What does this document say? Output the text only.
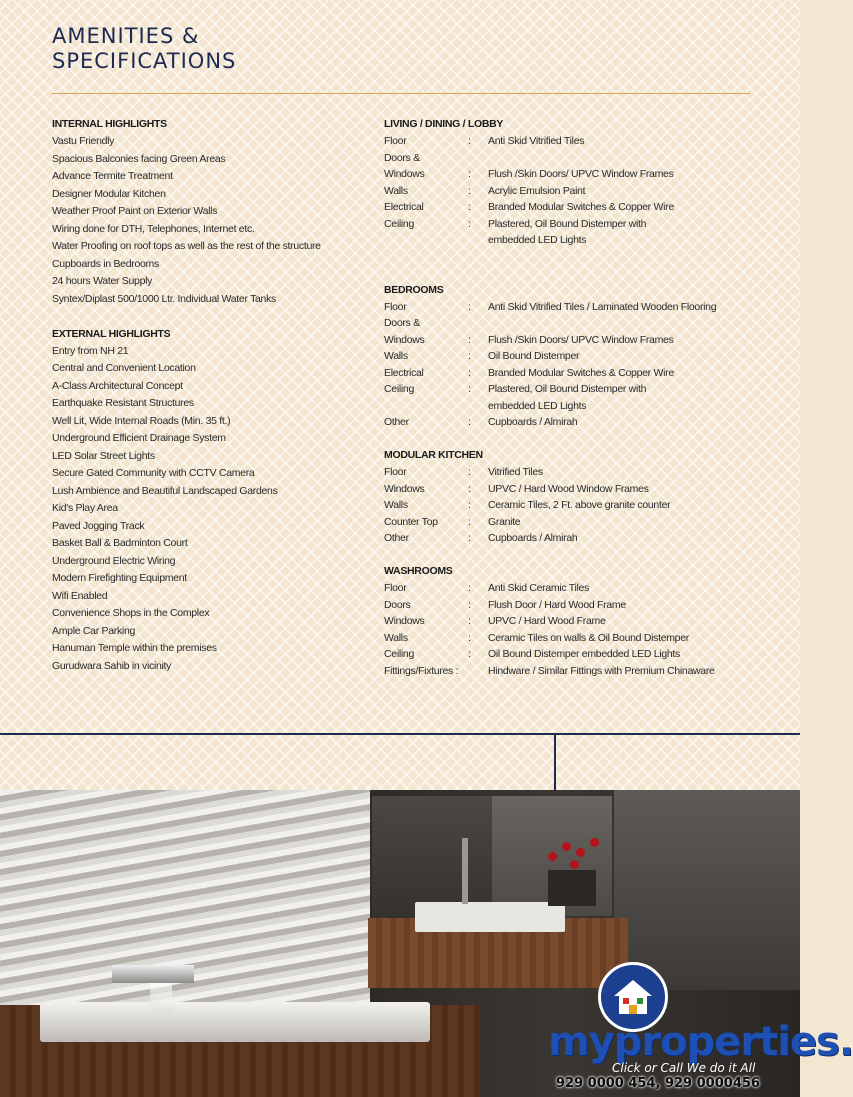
AMENITIES &
SPECIFICATIONS
INTERNAL HIGHLIGHTS
Vastu Friendly
Spacious Balconies facing Green Areas
Advance Termite Treatment
Designer Modular Kitchen
Weather Proof Paint on Exterior Walls
Wiring done for DTH, Telephones, Internet etc.
Water Proofing on roof tops as well as the rest of the structure
Cupboards in Bedrooms
24 hours Water Supply
Syntex/Diplast 500/1000 Ltr. Individual Water Tanks
EXTERNAL HIGHLIGHTS
Entry from NH 21
Central and Convenient Location
A-Class Architectural Concept
Earthquake Resistant Structures
Well Lit, Wide Internal Roads (Min. 35 ft.)
Underground Efficient Drainage System
LED Solar Street Lights
Secure Gated Community with CCTV Camera
Lush Ambience and Beautiful Landscaped Gardens
Kid's Play Area
Paved Jogging Track
Basket Ball & Badminton Court
Underground Electric Wiring
Modern Firefighting Equipment
Wifi Enabled
Convenience Shops in the Complex
Ample Car Parking
Hanuman Temple within the premises
Gurudwara Sahib in vicinity
LIVING / DINING / LOBBY
Floor	:	Anti Skid Vitrified Tiles
Doors &
Windows	:	Flush /Skin Doors/ UPVC Window Frames
Walls	:	Acrylic Emulsion Paint
Electrical	:	Branded Modular Switches & Copper Wire
Ceiling	:	Plastered, Oil Bound Distemper with
embedded LED Lights
BEDROOMS
Floor	:	Anti Skid Vitrified Tiles / Laminated Wooden Flooring
Doors &
Windows	:	Flush /Skin Doors/ UPVC Window Frames
Walls	:	Oil Bound Distemper
Electrical	:	Branded Modular Switches & Copper Wire
Ceiling	:	Plastered, Oil Bound Distemper with
embedded LED Lights
Other	:	Cupboards / Almirah
MODULAR KITCHEN
Floor	:	Vitrified Tiles
Windows	:	UPVC / Hard Wood Window Frames
Walls	:	Ceramic Tiles, 2 Ft. above granite counter
Counter Top	:	Granite
Other	:	Cupboards / Almirah
WASHROOMS
Floor	:	Anti Skid Ceramic Tiles
Doors	:	Flush Door / Hard Wood Frame
Windows	:	UPVC / Hard Wood Frame
Walls	:	Ceramic Tiles on walls & Oil Bound Distemper
Ceiling	:	Oil Bound Distemper embedded LED Lights
Fittings/Fixtures :	Hindware / Similar Fittings with Premium Chinaware
myproperties.
Click or Call We do it All
929 0000 454, 929 0000456
